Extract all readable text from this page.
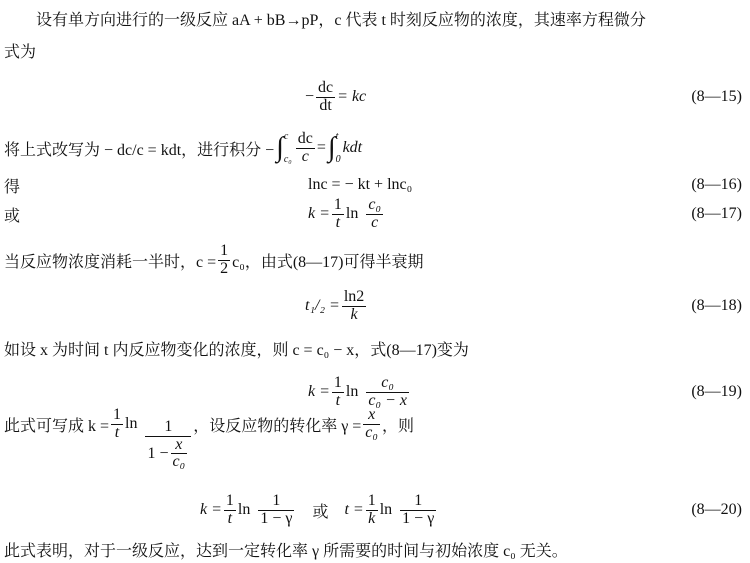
设有单方向进行的一级反应 aA + bB→pP，c 代表 t 时刻反应物的浓度，其速率方程微分
式为
− $\frac{dc}{dt}$ = kc	(8—15)
将上式改写为 − dc/c = kdt，进行积分 − ∫ c
$c_0 \frac{dc}{c}$ = ∫ t
0
kdt
得	lnc = − kt + lnc₀	(8—16)
或	$k = \frac{1}{t}$ $\ln \frac{\text{c₀}}{c}$	(8—17)
当反应物浓度消耗一半时，$c = \frac{1}{2} c_0$，由式(8—17)可得半衰期
$t_1/_2 = \frac{\ln 2}{k}$	(8—18)
如设 x 为时间 t 内反应物变化的浓度，则 c = c₀ − x，式(8—17)变为
$k = \frac{1}{t}$ $\ln \frac{\text{c₀}}{\text{c₀ − x}}$	(8—19)
此式可写成 $k = \frac{1}{t}$ $\ln \frac{1}{1 - \frac{x}{\text{c₀}}}$ ，设反应物的转化率 $\gamma = \frac{x}{\text{c₀}}$ ，则
$k = \frac{1}{t}$ $\ln \frac{1}{1 - \gamma}$ 或 $t = \frac{1}{k}$ $\ln \frac{1}{1 - \gamma}$	(8—20)
此式表明，对于一级反应，达到一定转化率 γ 所需要的时间与初始浓度 c₀ 无关。
